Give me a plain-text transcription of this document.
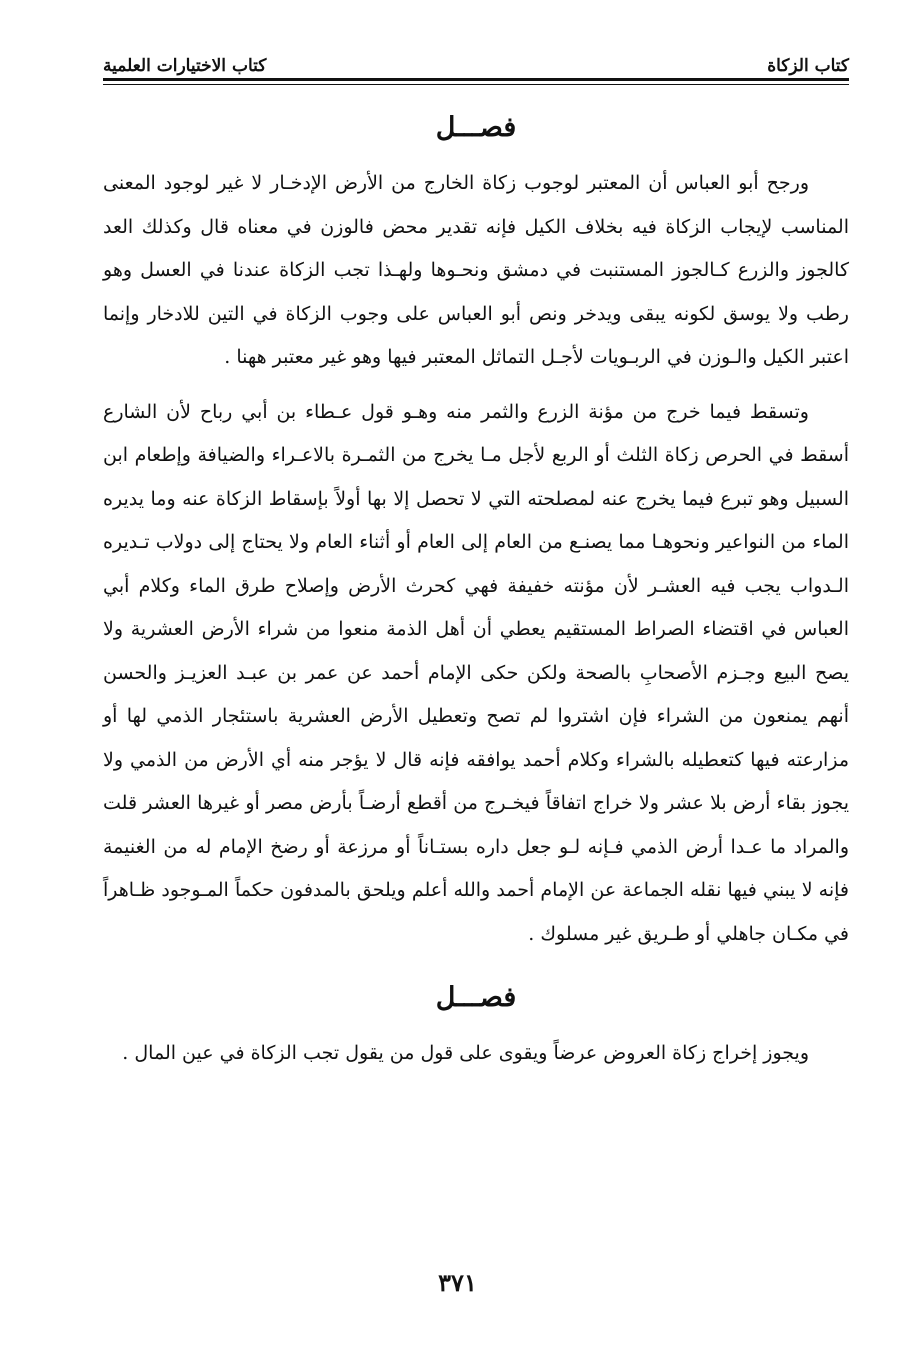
كتاب الزكاة
كتاب الاختيارات العلمية
فصـــل

ورجح أبو العباس أن المعتبر لوجوب زكاة الخارج من الأرض الإدخـار لا غير لوجود المعنى المناسب لإيجاب الزكاة فيه بخلاف الكيل فإنه تقدير محض فالوزن في معناه قال وكذلك العد كالجوز والزرع كـالجوز المستنبت في دمشق ونحـوها ولهـذا تجب الزكاة عندنا في العسل وهو رطب ولا يوسق لكونه يبقى ويدخر ونص أبو العباس على وجوب الزكاة في التين للادخار وإنما اعتبر الكيل والـوزن في الربـويات لأجـل التماثل المعتبر فيها وهو غير معتبر ههنا .

وتسقط فيما خرج من مؤنة الزرع والثمر منه وهـو قول عـطاء بن أبي رباح لأن الشارع أسقط في الحرص زكاة الثلث أو الربع لأجل مـا يخرج من الثمـرة بالاعـراء والضيافة وإطعام ابن السبيل وهو تبرع فيما يخرج عنه لمصلحته التي لا تحصل إلا بها أولاً بإسقاط الزكاة عنه وما يديره الماء من النواعير ونحوهـا مما يصنـع من العام إلى العام أو أثناء العام ولا يحتاج إلى دولاب تـديره الـدواب يجب فيه العشـر لأن مؤنته خفيفة فهي كحرث الأرض وإصلاح طرق الماء وكلام أبي العباس في اقتضاء الصراط المستقيم يعطي أن أهل الذمة منعوا من شراء الأرض العشرية ولا يصح البيع وجـزم الأصحابِ بالصحة ولكن حكى الإمام أحمد عن عمر بن عبـد العزيـز والحسن أنهم يمنعون من الشراء فإن اشتروا لم تصح وتعطيل الأرض العشرية باستئجار الذمي لها أو مزارعته فيها كتعطيله بالشراء وكلام أحمد يوافقه فإنه قال لا يؤجر منه أي الأرض من الذمي ولا يجوز بقاء أرض بلا عشر ولا خراج اتفاقاً فيخـرج من أقطع أرضـاً بأرض مصر أو غيرها العشر قلت والمراد ما عـدا أرض الذمي فـإنه لـو جعل داره بستـاناً أو مرزعة أو رضخ الإمام له من الغنيمة فإنه لا يبني فيها نقله الجماعة عن الإمام أحمد والله أعلم ويلحق بالمدفون حكماً المـوجود ظـاهراً في مكـان جاهلي أو طـريق غير مسلوك .

فصـــل

ويجوز إخراج زكاة العروض عرضاً ويقوى على قول من يقول تجب الزكاة في عين المال .

٣٧١
